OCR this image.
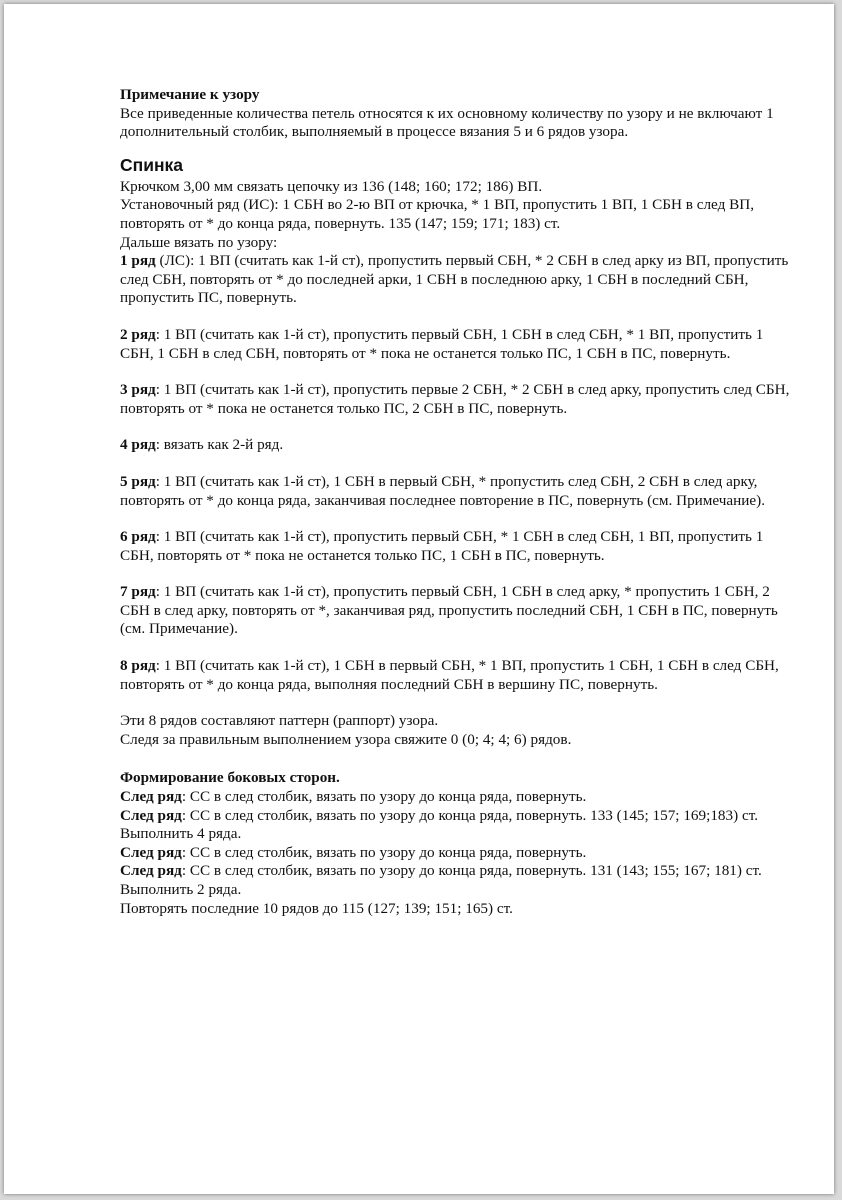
Примечание к узору

Все приведенные количества петель относятся к их основному количеству по узору и не включают 1 дополнительный столбик, выполняемый в процессе вязания 5 и 6 рядов узора.

Спинка

Крючком 3,00 мм связать цепочку из 136 (148; 160; 172; 186) ВП.

Установочный ряд (ИС): 1 СБН во 2-ю ВП от крючка, * 1 ВП, пропустить 1 ВП, 1 СБН в след ВП, повторять от * до конца ряда, повернуть. 135 (147; 159; 171; 183) ст.

Дальше вязать по узору:

1 ряд (ЛС): 1 ВП (считать как 1-й ст), пропустить первый СБН, * 2 СБН в след арку из ВП, пропустить след СБН, повторять от * до последней арки, 1 СБН в последнюю арку, 1 СБН в последний СБН, пропустить ПС, повернуть.

2 ряд: 1 ВП (считать как 1-й ст), пропустить первый СБН, 1 СБН в след СБН, * 1 ВП, пропустить 1 СБН, 1 СБН в след СБН, повторять от * пока не останется только ПС, 1 СБН в ПС, повернуть.

3 ряд: 1 ВП (считать как 1-й ст), пропустить первые 2 СБН, * 2 СБН в след арку, пропустить след СБН, повторять от * пока не останется только ПС, 2 СБН в ПС, повернуть.

4 ряд: вязать как 2-й ряд.

5 ряд: 1 ВП (считать как 1-й ст), 1 СБН в первый СБН, * пропустить след СБН, 2 СБН в след арку, повторять от * до конца ряда, заканчивая последнее повторение в ПС, повернуть (см. Примечание).

6 ряд: 1 ВП (считать как 1-й ст), пропустить первый СБН, * 1 СБН в след СБН, 1 ВП, пропустить 1 СБН, повторять от * пока не останется только ПС, 1 СБН в ПС, повернуть.

7 ряд: 1 ВП (считать как 1-й ст), пропустить первый СБН, 1 СБН в след арку, * пропустить 1 СБН, 2 СБН в след арку, повторять от *, заканчивая ряд, пропустить последний СБН, 1 СБН в ПС, повернуть (см. Примечание).

8 ряд: 1 ВП (считать как 1-й ст), 1 СБН в первый СБН, * 1 ВП, пропустить 1 СБН, 1 СБН в след СБН, повторять от * до конца ряда, выполняя последний СБН в вершину ПС, повернуть.

Эти 8 рядов составляют паттерн (раппорт) узора.

Следя за правильным выполнением узора свяжите 0 (0; 4; 4; 6) рядов.

Формирование боковых сторон.

След ряд: СС в след столбик, вязать по узору до конца ряда, повернуть.

След ряд: СС в след столбик, вязать по узору до конца ряда, повернуть. 133 (145; 157; 169;183) ст.

Выполнить 4 ряда.

След ряд: СС в след столбик, вязать по узору до конца ряда, повернуть.

След ряд: СС в след столбик, вязать по узору до конца ряда, повернуть. 131 (143; 155; 167; 181) ст.

Выполнить 2 ряда.

Повторять последние 10 рядов до 115 (127; 139; 151; 165) ст.
